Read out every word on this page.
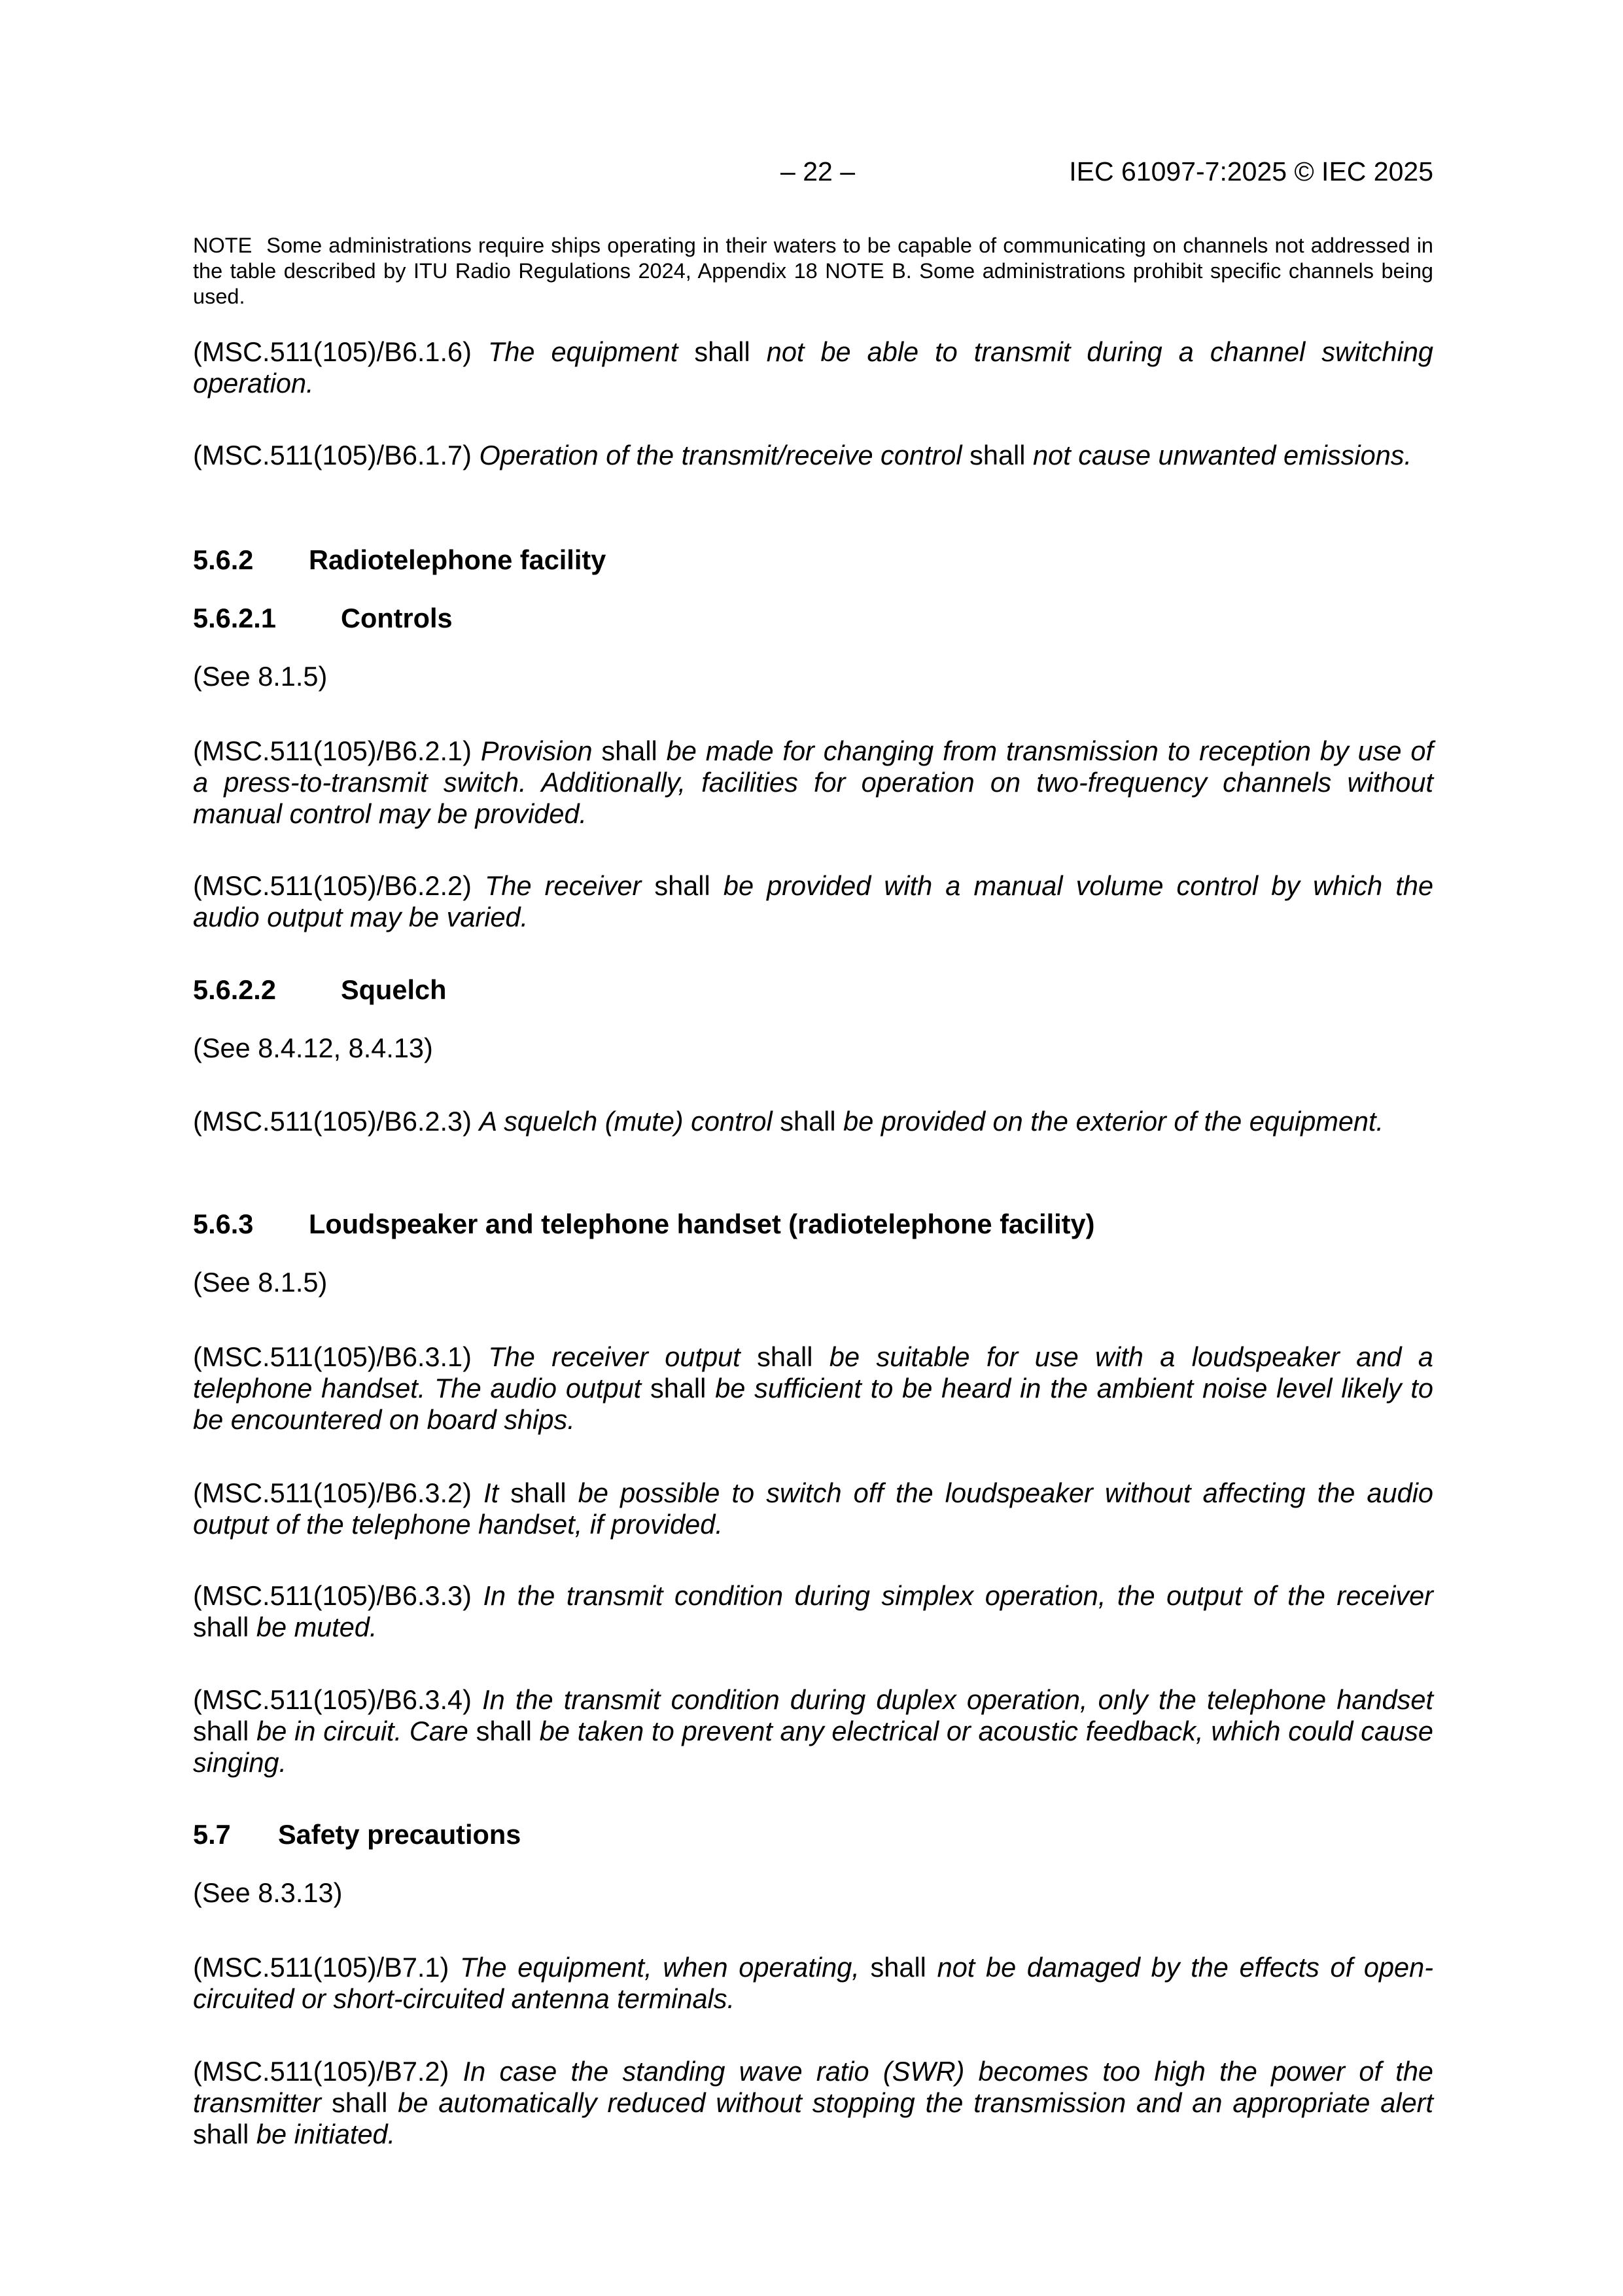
– 22 –	IEC 61097-7:2025 © IEC 2025
NOTE Some administrations require ships operating in their waters to be capable of communicating on channels not addressed in the table described by ITU Radio Regulations 2024, Appendix 18 NOTE B. Some administrations prohibit specific channels being used.
(MSC.511(105)/B6.1.6) The equipment shall not be able to transmit during a channel switching operation.
(MSC.511(105)/B6.1.7) Operation of the transmit/receive control shall not cause unwanted emissions.
5.6.2 Radiotelephone facility
5.6.2.1 Controls
(See 8.1.5)
(MSC.511(105)/B6.2.1) Provision shall be made for changing from transmission to reception by use of a press-to-transmit switch. Additionally, facilities for operation on two-frequency channels without manual control may be provided.
(MSC.511(105)/B6.2.2) The receiver shall be provided with a manual volume control by which the audio output may be varied.
5.6.2.2 Squelch
(See 8.4.12, 8.4.13)
(MSC.511(105)/B6.2.3) A squelch (mute) control shall be provided on the exterior of the equipment.
5.6.3 Loudspeaker and telephone handset (radiotelephone facility)
(See 8.1.5)
(MSC.511(105)/B6.3.1) The receiver output shall be suitable for use with a loudspeaker and a telephone handset. The audio output shall be sufficient to be heard in the ambient noise level likely to be encountered on board ships.
(MSC.511(105)/B6.3.2) It shall be possible to switch off the loudspeaker without affecting the audio output of the telephone handset, if provided.
(MSC.511(105)/B6.3.3) In the transmit condition during simplex operation, the output of the receiver shall be muted.
(MSC.511(105)/B6.3.4) In the transmit condition during duplex operation, only the telephone handset shall be in circuit. Care shall be taken to prevent any electrical or acoustic feedback, which could cause singing.
5.7 Safety precautions
(See 8.3.13)
(MSC.511(105)/B7.1) The equipment, when operating, shall not be damaged by the effects of open-circuited or short-circuited antenna terminals.
(MSC.511(105)/B7.2) In case the standing wave ratio (SWR) becomes too high the power of the transmitter shall be automatically reduced without stopping the transmission and an appropriate alert shall be initiated.
